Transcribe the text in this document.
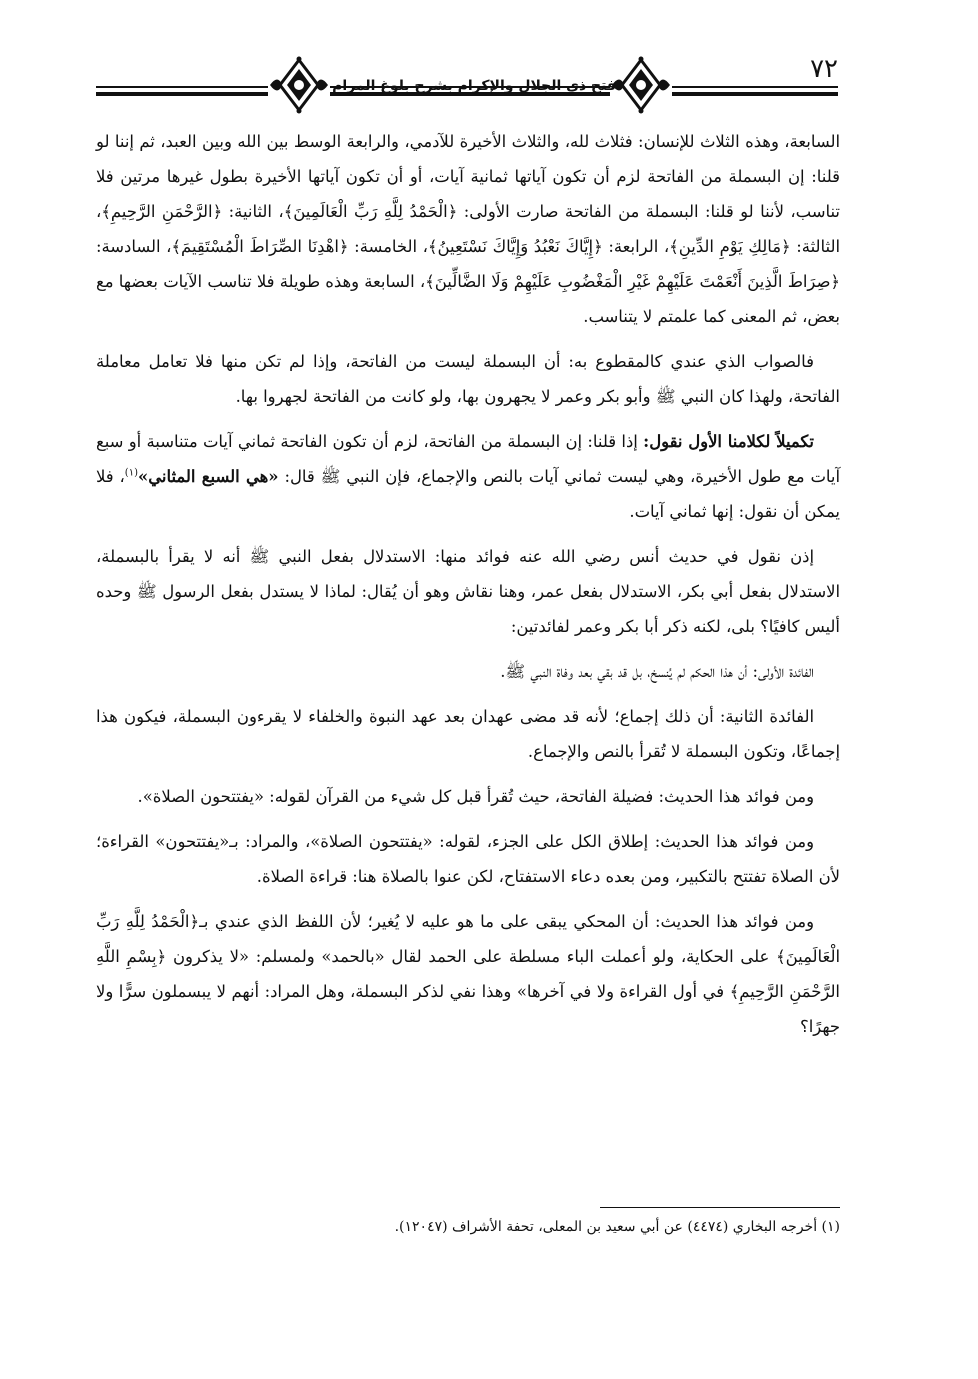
فتح ذي الجلال والإكرام بشرح بلوغ المرام
٧٢

السابعة، وهذه الثلاث للإنسان: فثلاث لله، والثلاث الأخيرة للآدمي، والرابعة الوسط بين الله وبين العبد، ثم إننا لو قلنا: إن البسملة من الفاتحة لزم أن تكون آياتها ثمانية آيات، أو أن تكون آياتها الأخيرة بطول غيرها مرتين فلا تناسب، لأننا لو قلنا: البسملة من الفاتحة صارت الأولى: ﴿الْحَمْدُ لِلَّهِ رَبِّ الْعَالَمِينَ﴾، الثانية: ﴿الرَّحْمَنِ الرَّحِيمِ﴾، الثالثة: ﴿مَالِكِ يَوْمِ الدِّينِ﴾، الرابعة: ﴿إِيَّاكَ نَعْبُدُ وَإِيَّاكَ نَسْتَعِينُ﴾، الخامسة: ﴿اهْدِنَا الصِّرَاطَ الْمُسْتَقِيمَ﴾، السادسة: ﴿صِرَاطَ الَّذِينَ أَنْعَمْتَ عَلَيْهِمْ غَيْرِ الْمَغْضُوبِ عَلَيْهِمْ وَلَا الضَّالِّينَ﴾، السابعة وهذه طويلة فلا تناسب الآيات بعضها مع بعض، ثم المعنى كما علمتم لا يتناسب.

فالصواب الذي عندي كالمقطوع به: أن البسملة ليست من الفاتحة، وإذا لم تكن منها فلا تعامل معاملة الفاتحة، ولهذا كان النبي ﷺ وأبو بكر وعمر لا يجهرون بها، ولو كانت من الفاتحة لجهروا بها.

تكميلاً لكلامنا الأول نقول: إذا قلنا: إن البسملة من الفاتحة، لزم أن تكون الفاتحة ثماني آيات متناسبة أو سبع آيات مع طول الأخيرة، وهي ليست ثماني آيات بالنص والإجماع، فإن النبي ﷺ قال: «هي السبع المثاني»$^{(١)}$، فلا يمكن أن نقول: إنها ثماني آيات.

إذن نقول في حديث أنس رضي الله عنه فوائد منها: الاستدلال بفعل النبي ﷺ أنه لا يقرأ بالبسملة، الاستدلال بفعل أبي بكر، الاستدلال بفعل عمر، وهنا نقاش وهو أن يُقال: لماذا لا يستدل بفعل الرسول ﷺ وحده أليس كافيًا؟ بلى، لكنه ذكر أبا بكر وعمر لفائدتين:

الفائدة الأولى: أن هذا الحكم لم يُنسخ، بل قد بقي بعد وفاة النبي ﷺ.

الفائدة الثانية: أن ذلك إجماع؛ لأنه قد مضى عهدان بعد عهد النبوة والخلفاء لا يقرءون البسملة، فيكون هذا إجماعًا، وتكون البسملة لا تُقرأ بالنص والإجماع.

ومن فوائد هذا الحديث: فضيلة الفاتحة، حيث تُقرأ قبل كل شيء من القرآن لقوله: «يفتتحون الصلاة».

ومن فوائد هذا الحديث: إطلاق الكل على الجزء، لقوله: «يفتتحون الصلاة»، والمراد: بـ«يفتتحون» القراءة؛ لأن الصلاة تفتتح بالتكبير، ومن بعده دعاء الاستفتاح، لكن عنوا بالصلاة هنا: قراءة الصلاة.

ومن فوائد هذا الحديث: أن المحكي يبقى على ما هو عليه لا يُغير؛ لأن اللفظ الذي عندي بـ﴿الْحَمْدُ لِلَّهِ رَبِّ الْعَالَمِينَ﴾ على الحكاية، ولو أعملت الباء مسلطة على الحمد لقال «بالحمد» ولمسلم: «لا يذكرون ﴿بِسْمِ اللَّهِ الرَّحْمَنِ الرَّحِيمِ﴾ في أول القراءة ولا في آخرها» وهذا نفي لذكر البسملة، وهل المراد: أنهم لا يبسملون سرًّا ولا جهرًا؟

(١) أخرجه البخاري (٤٤٧٤) عن أبي سعيد بن المعلى، تحفة الأشراف (١٢٠٤٧).
